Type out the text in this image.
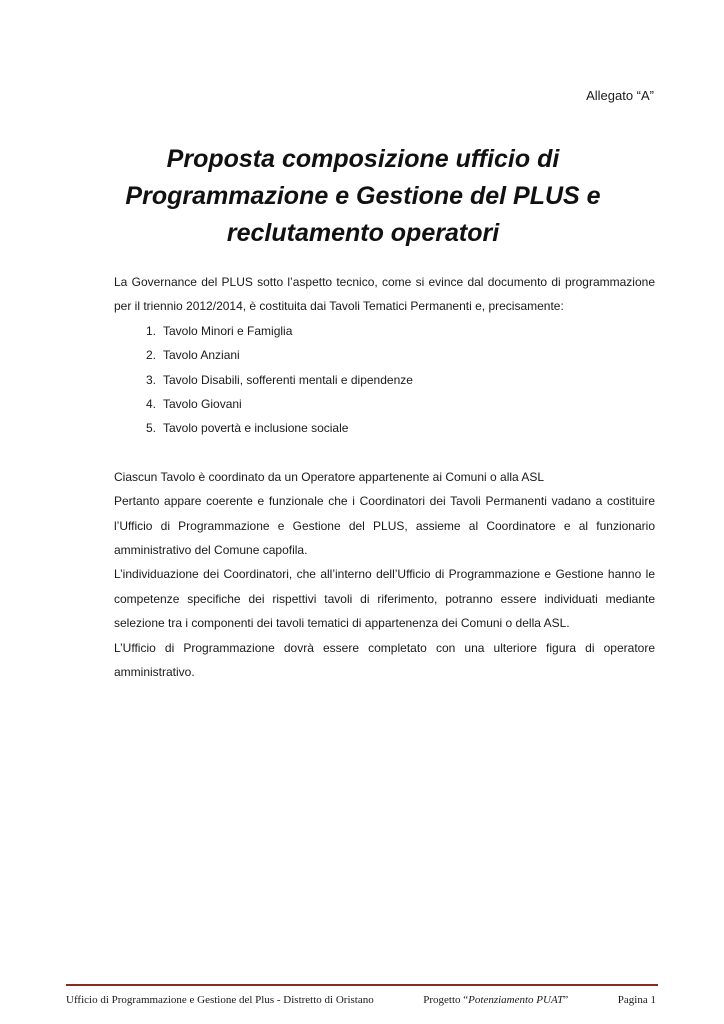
Allegato “A”
Proposta composizione ufficio di
Programmazione e Gestione del PLUS e
reclutamento operatori

La Governance del PLUS sotto l’aspetto tecnico, come si evince dal documento di programmazione per il triennio 2012/2014, è costituita dai Tavoli Tematici Permanenti e, precisamente:

1. Tavolo Minori e Famiglia
2. Tavolo Anziani
3. Tavolo Disabili, sofferenti mentali e dipendenze
4. Tavolo Giovani
5. Tavolo povertà e inclusione sociale

Ciascun Tavolo è coordinato da un Operatore appartenente ai Comuni o alla ASL

Pertanto appare coerente e funzionale che i Coordinatori dei Tavoli Permanenti vadano a costituire l’Ufficio di Programmazione e Gestione del PLUS, assieme al Coordinatore e al funzionario amministrativo del Comune capofila.

L’individuazione dei Coordinatori, che all’interno dell’Ufficio di Programmazione e Gestione hanno le competenze specifiche dei rispettivi tavoli di riferimento, potranno essere individuati mediante selezione tra i componenti dei tavoli tematici di appartenenza dei Comuni o della ASL.

L’Ufficio di Programmazione dovrà essere completato con una ulteriore figura di operatore amministrativo.

Ufficio di Programmazione e Gestione del Plus - Distretto di Oristano	Progetto “Potenziamento PUAT”	Pagina 1
